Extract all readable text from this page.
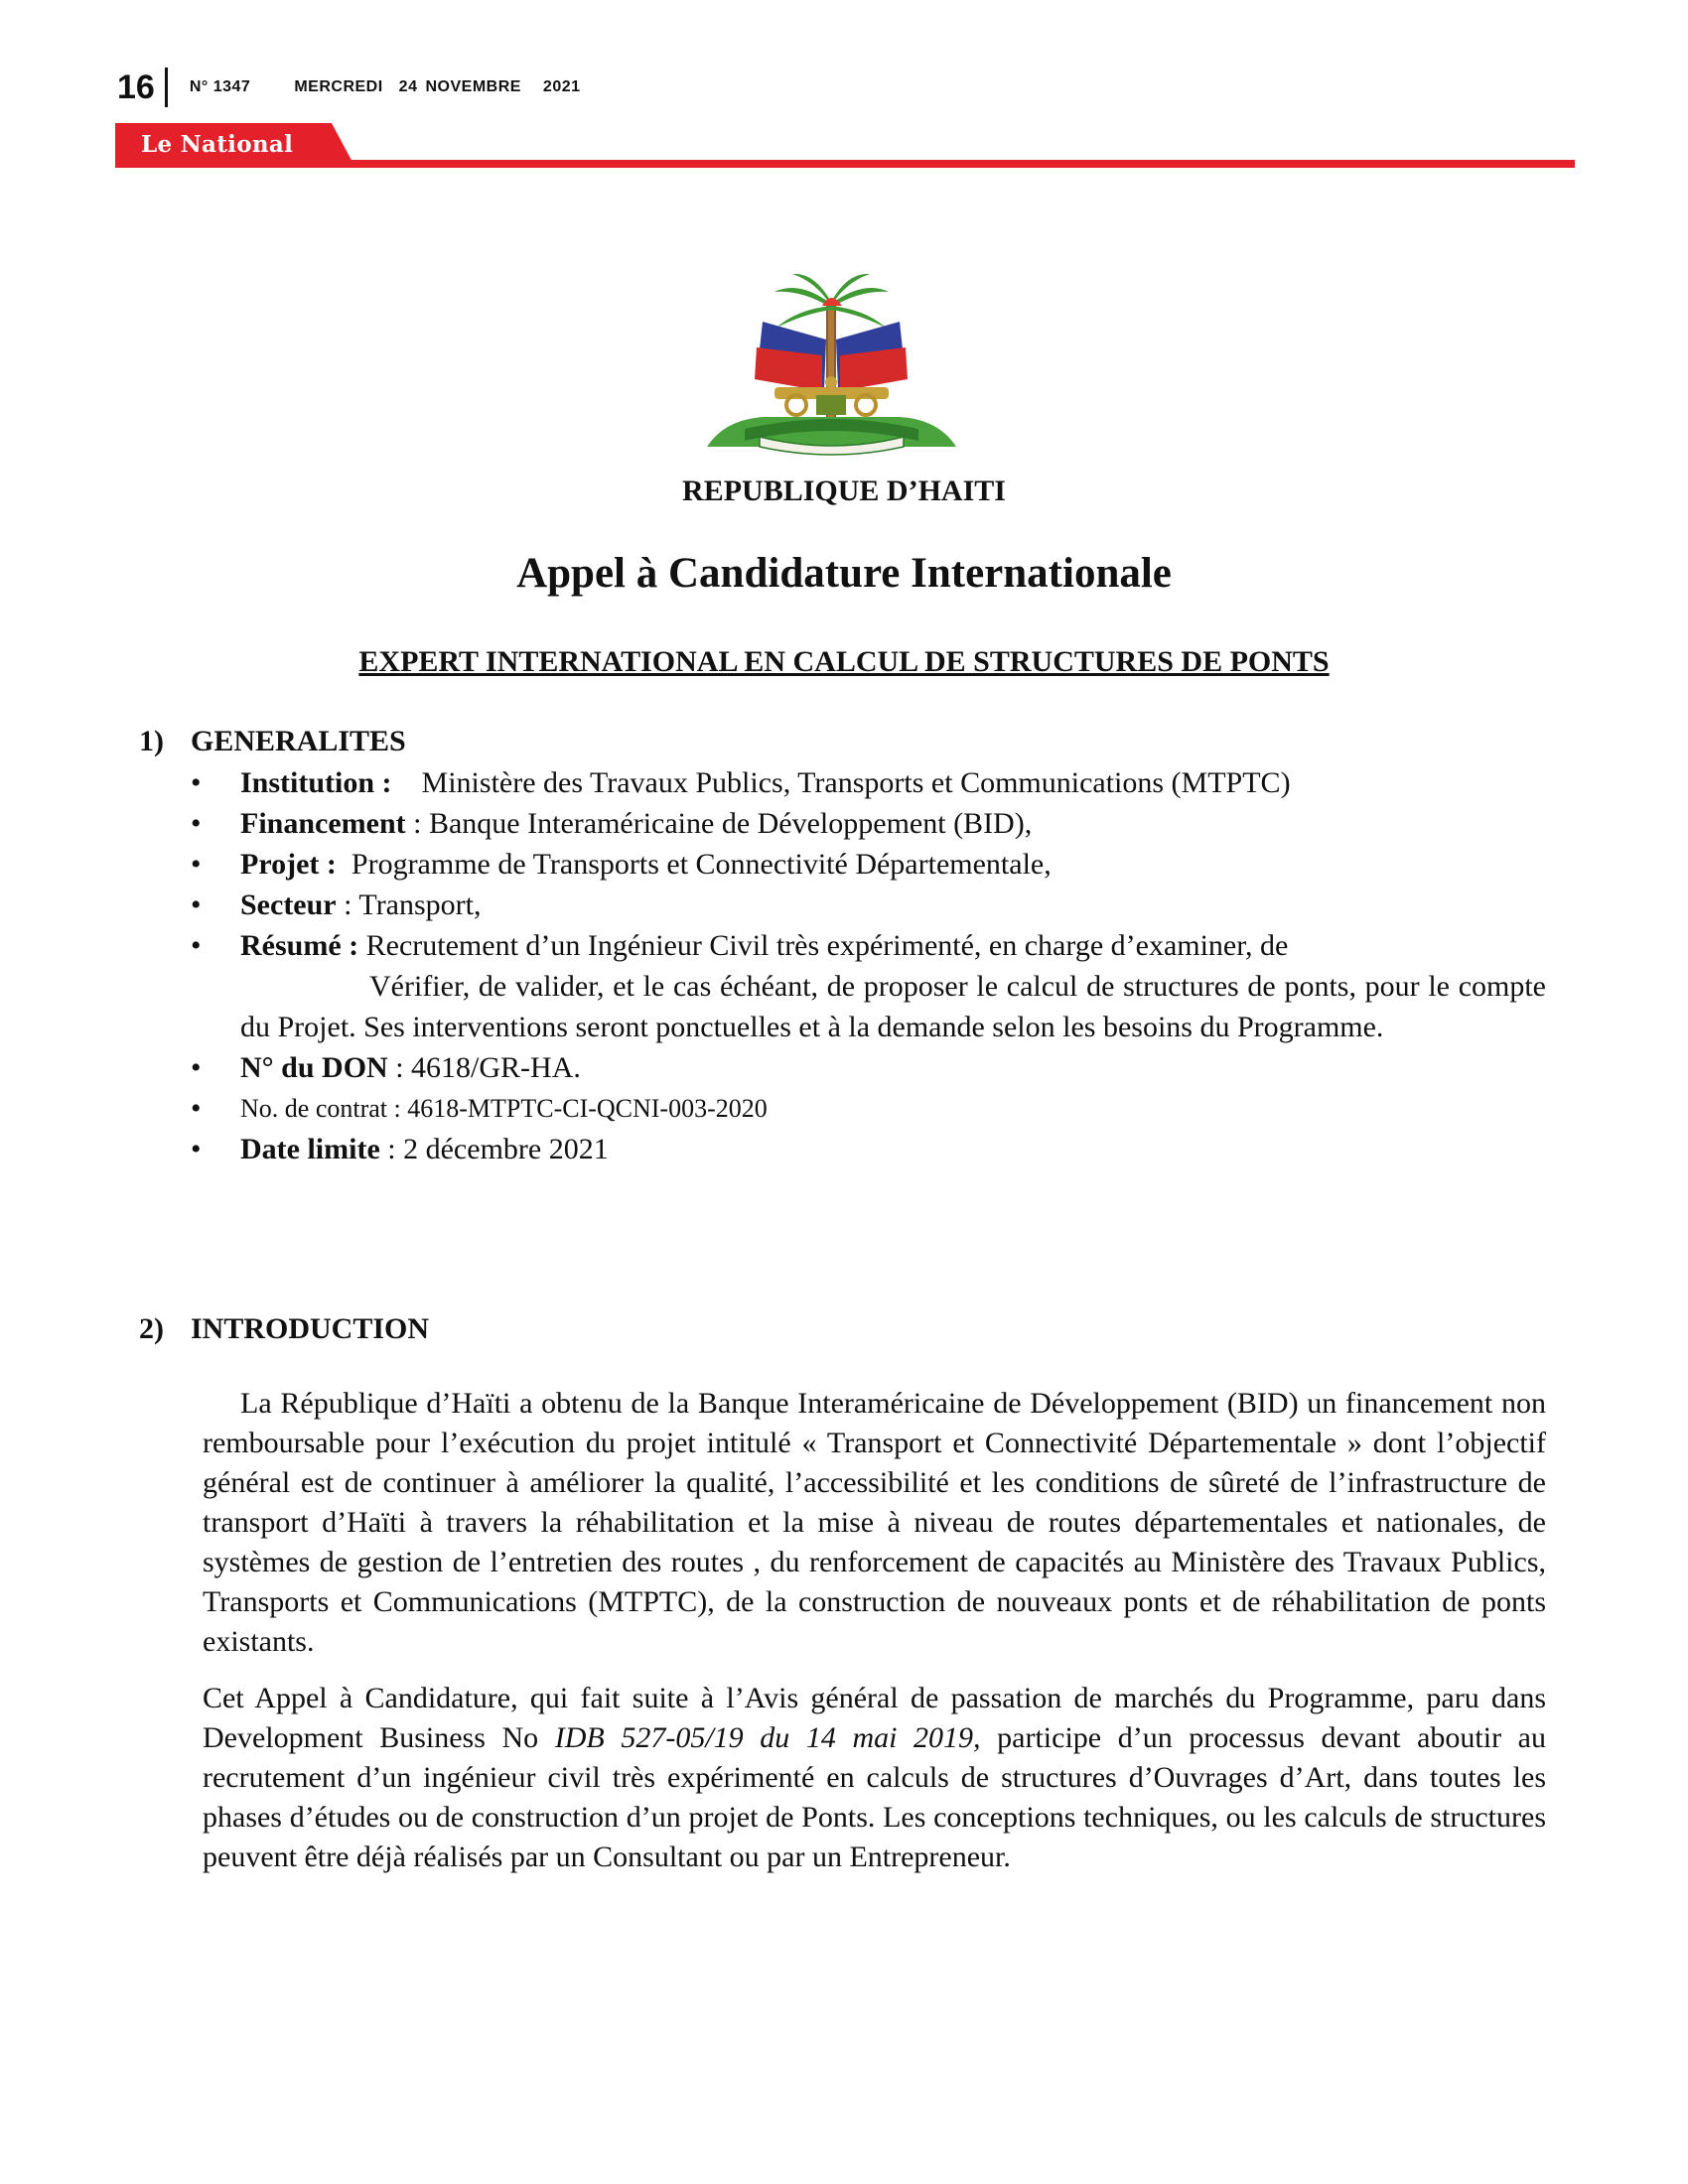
16 N° 1347	MERCREDI 24 NOVEMBRE 2021
Le National
REPUBLIQUE D’HAITI
Appel à Candidature Internationale
EXPERT INTERNATIONAL EN CALCUL DE STRUCTURES DE PONTS
1) GENERALITES
• Institution : Ministère des Travaux Publics, Transports et Communications (MTPTC)
• Financement : Banque Interaméricaine de Développement (BID),
• Projet : Programme de Transports et Connectivité Départementale,
• Secteur : Transport,
• Résumé : Recrutement d’un Ingénieur Civil très expérimenté, en charge d’examiner, de
Vérifier, de valider, et le cas échéant, de proposer le calcul de structures de ponts, pour le compte du Projet. Ses interventions seront ponctuelles et à la demande selon les besoins du Programme.
• N° du DON : 4618/GR-HA.
• No. de contrat : 4618-MTPTC-CI-QCNI-003-2020
• Date limite : 2 décembre 2021
2) INTRODUCTION

La République d’Haïti a obtenu de la Banque Interaméricaine de Développement (BID) un financement non remboursable pour l’exécution du projet intitulé « Transport et Connectivité Départementale » dont l’objectif général est de continuer à améliorer la qualité, l’accessibilité et les conditions de sûreté de l’infrastructure de transport d’Haïti à travers la réhabilitation et la mise à niveau de routes départementales et nationales, de systèmes de gestion de l’entretien des routes , du renforcement de capacités au Ministère des Travaux Publics, Transports et Communications (MTPTC), de la construction de nouveaux ponts et de réhabilitation de ponts existants.

Cet Appel à Candidature, qui fait suite à l’Avis général de passation de marchés du Programme, paru dans Development Business No IDB 527-05/19 du 14 mai 2019, participe d’un processus devant aboutir au recrutement d’un ingénieur civil très expérimenté en calculs de structures d’Ouvrages d’Art, dans toutes les phases d’études ou de construction d’un projet de Ponts. Les conceptions techniques, ou les calculs de structures peuvent être déjà réalisés par un Consultant ou par un Entrepreneur.
